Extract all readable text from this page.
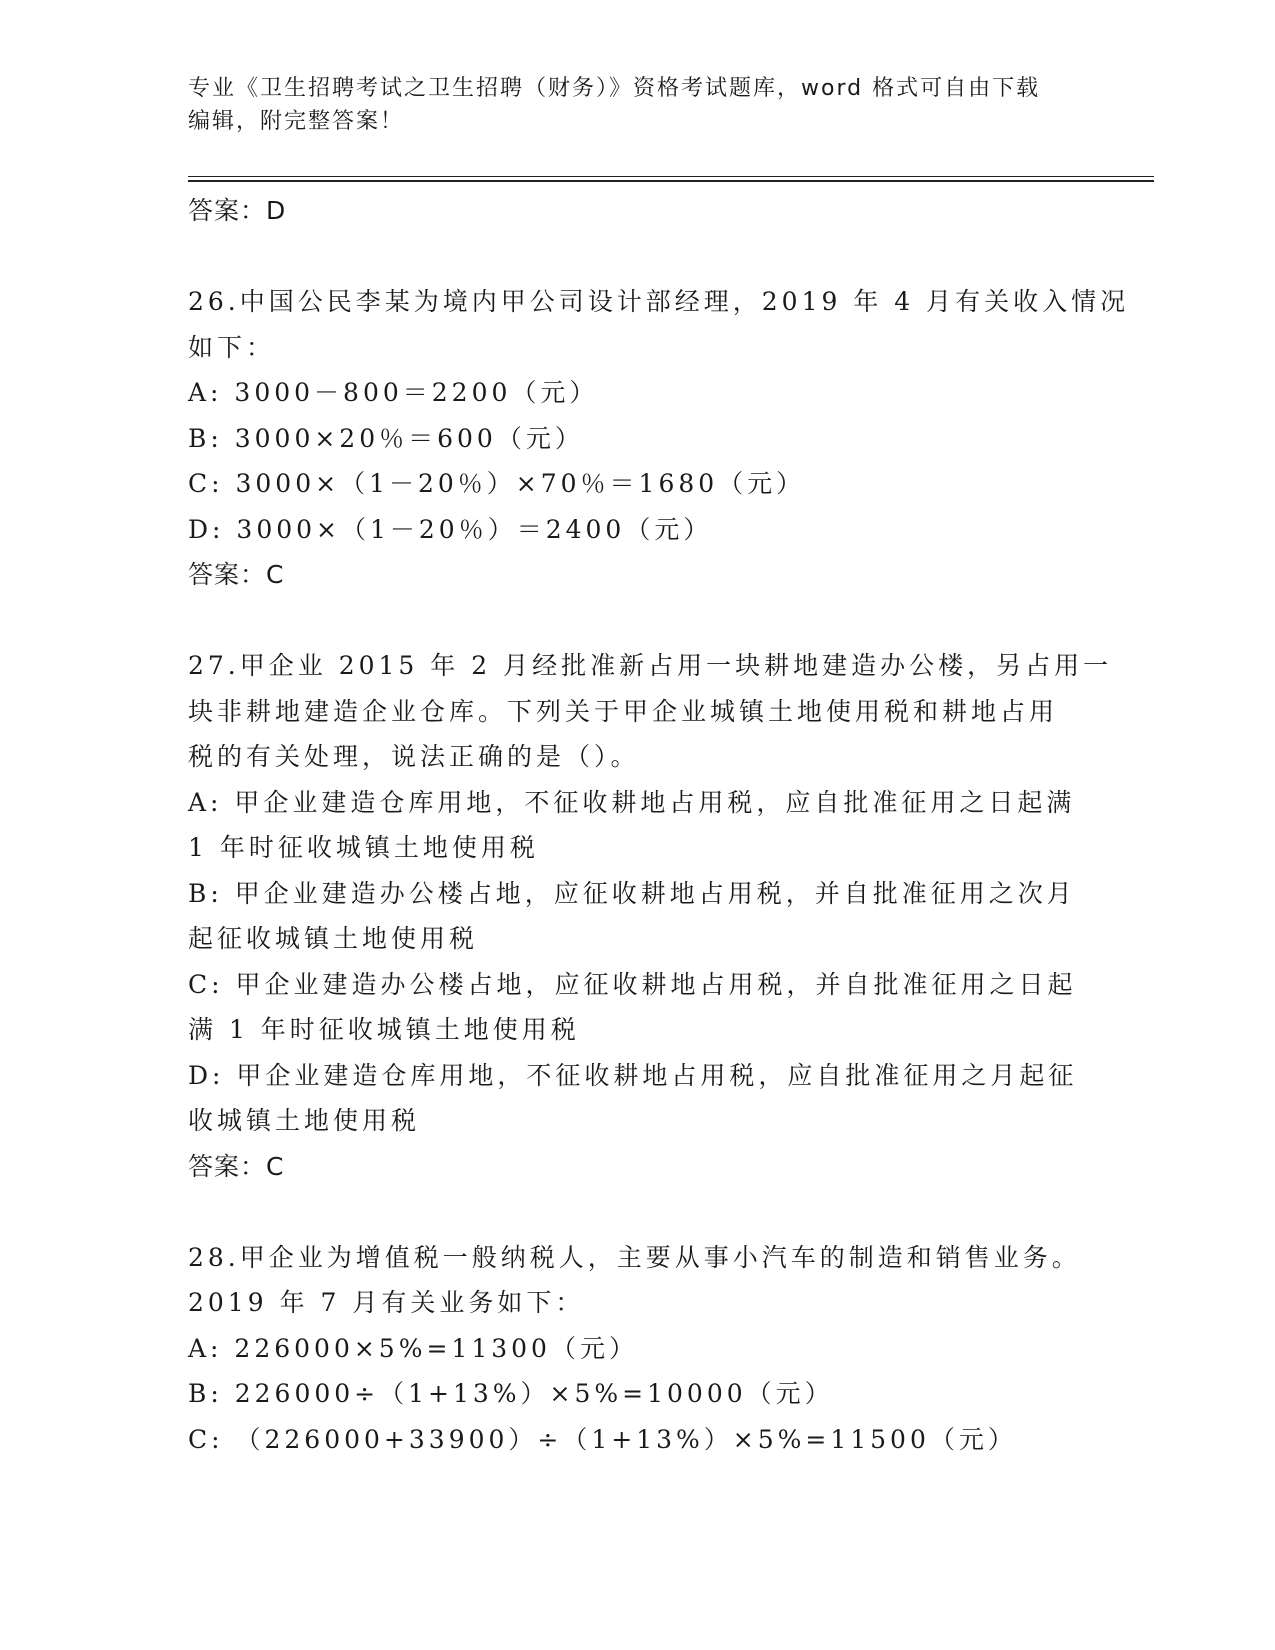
专业《卫生招聘考试之卫生招聘（财务）》资格考试题库，word 格式可自由下载
编辑，附完整答案！
答案：D
26.中国公民李某为境内甲公司设计部经理，2019 年 4 月有关收入情况
如下：
A: 3000－800＝2200（元）
B: 3000×20％＝600（元）
C: 3000×（1－20％）×70％＝1680（元）
D: 3000×（1－20％）＝2400（元）
答案：C
27.甲企业 2015 年 2 月经批准新占用一块耕地建造办公楼，另占用一
块非耕地建造企业仓库。下列关于甲企业城镇土地使用税和耕地占用
税的有关处理，说法正确的是（）。
A: 甲企业建造仓库用地，不征收耕地占用税，应自批准征用之日起满
1 年时征收城镇土地使用税
B: 甲企业建造办公楼占地，应征收耕地占用税，并自批准征用之次月
起征收城镇土地使用税
C: 甲企业建造办公楼占地，应征收耕地占用税，并自批准征用之日起
满 1 年时征收城镇土地使用税
D: 甲企业建造仓库用地，不征收耕地占用税，应自批准征用之月起征
收城镇土地使用税
答案：C
28.甲企业为增值税一般纳税人，主要从事小汽车的制造和销售业务。
2019 年 7 月有关业务如下：
A: 226000×5%=11300（元）
B: 226000÷（1+13%）×5%=10000（元）
C: （226000+33900）÷（1+13%）×5%=11500（元）
